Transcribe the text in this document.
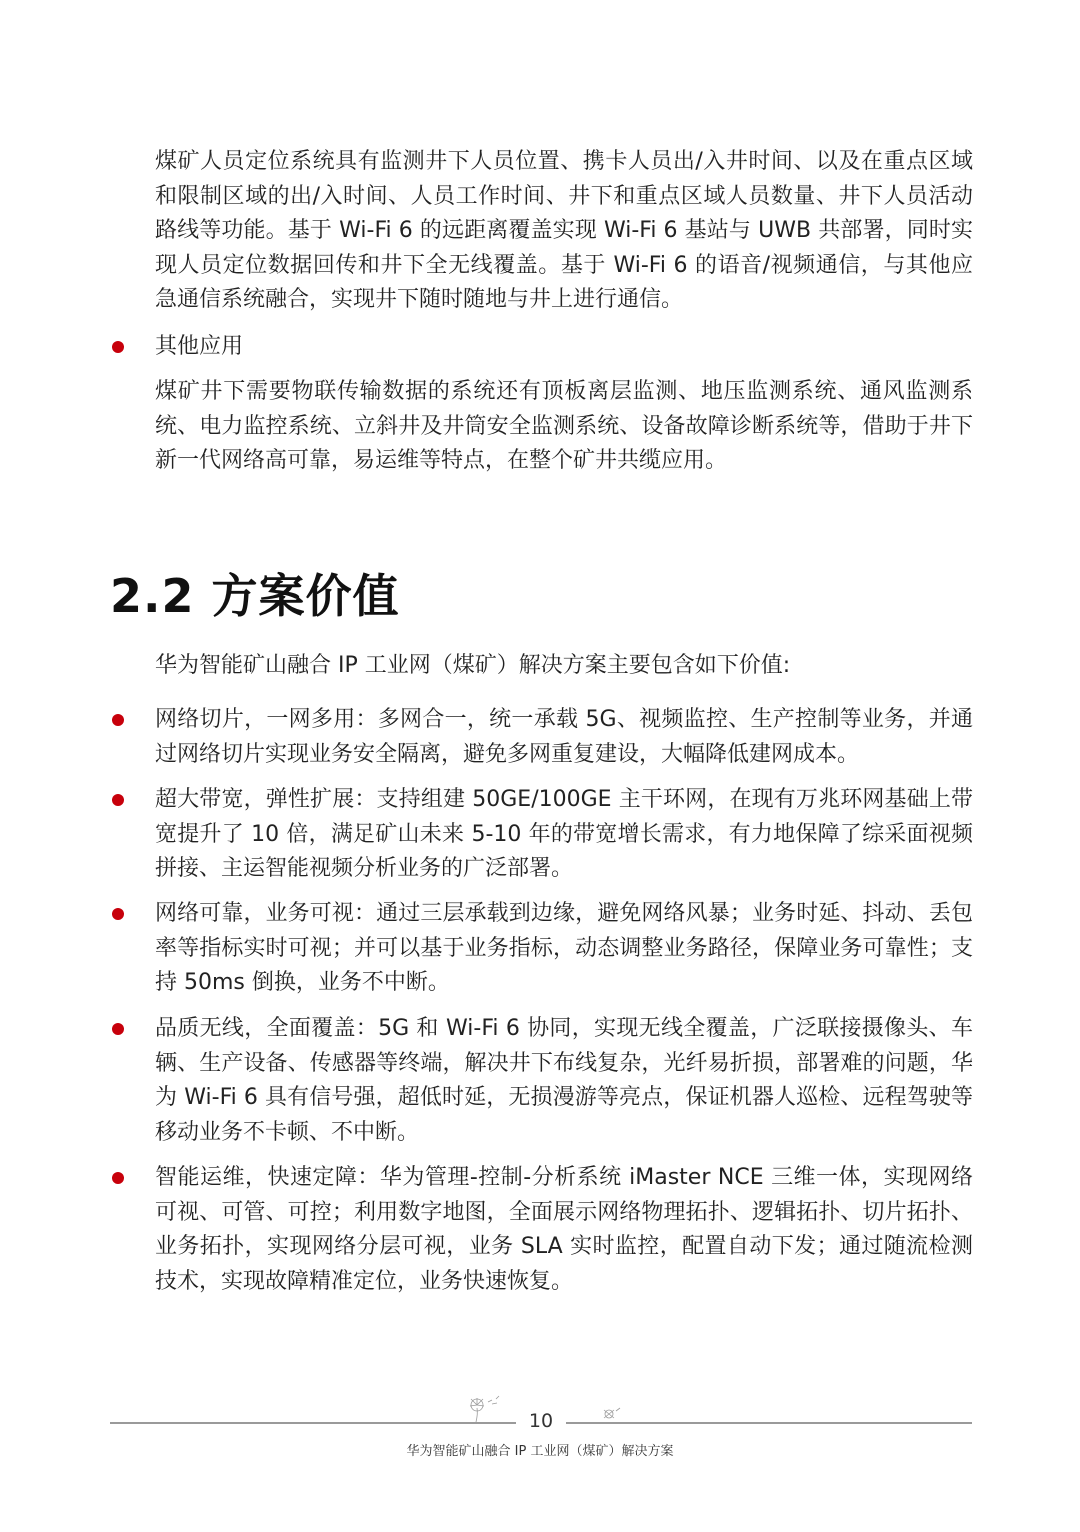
煤矿人员定位系统具有监测井下人员位置、携卡人员出/入井时间、以及在重点区域和限制区域的出/入时间、人员工作时间、井下和重点区域人员数量、井下人员活动路线等功能。基于 Wi-Fi 6 的远距离覆盖实现 Wi-Fi 6 基站与 UWB 共部署，同时实现人员定位数据回传和井下全无线覆盖。基于 Wi-Fi 6 的语音/视频通信，与其他应急通信系统融合，实现井下随时随地与井上进行通信。

其他应用

煤矿井下需要物联传输数据的系统还有顶板离层监测、地压监测系统、通风监测系统、电力监控系统、立斜井及井筒安全监测系统、设备故障诊断系统等，借助于井下新一代网络高可靠，易运维等特点，在整个矿井共缆应用。

2.2 方案价值

华为智能矿山融合 IP 工业网（煤矿）解决方案主要包含如下价值:

网络切片，一网多用：多网合一，统一承载 5G、视频监控、生产控制等业务，并通过网络切片实现业务安全隔离，避免多网重复建设，大幅降低建网成本。

超大带宽，弹性扩展：支持组建 50GE/100GE 主干环网，在现有万兆环网基础上带宽提升了 10 倍，满足矿山未来 5-10 年的带宽增长需求，有力地保障了综采面视频拼接、主运智能视频分析业务的广泛部署。

网络可靠，业务可视：通过三层承载到边缘，避免网络风暴；业务时延、抖动、丢包率等指标实时可视；并可以基于业务指标，动态调整业务路径，保障业务可靠性；支持 50ms 倒换，业务不中断。

品质无线，全面覆盖：5G 和 Wi-Fi 6 协同，实现无线全覆盖，广泛联接摄像头、车辆、生产设备、传感器等终端，解决井下布线复杂，光纤易折损，部署难的问题，华为 Wi-Fi 6 具有信号强，超低时延，无损漫游等亮点，保证机器人巡检、远程驾驶等移动业务不卡顿、不中断。

智能运维，快速定障：华为管理-控制-分析系统 iMaster NCE 三维一体，实现网络可视、可管、可控；利用数字地图，全面展示网络物理拓扑、逻辑拓扑、切片拓扑、业务拓扑，实现网络分层可视，业务 SLA 实时监控，配置自动下发；通过随流检测技术，实现故障精准定位，业务快速恢复。

10
华为智能矿山融合 IP 工业网（煤矿）解决方案
